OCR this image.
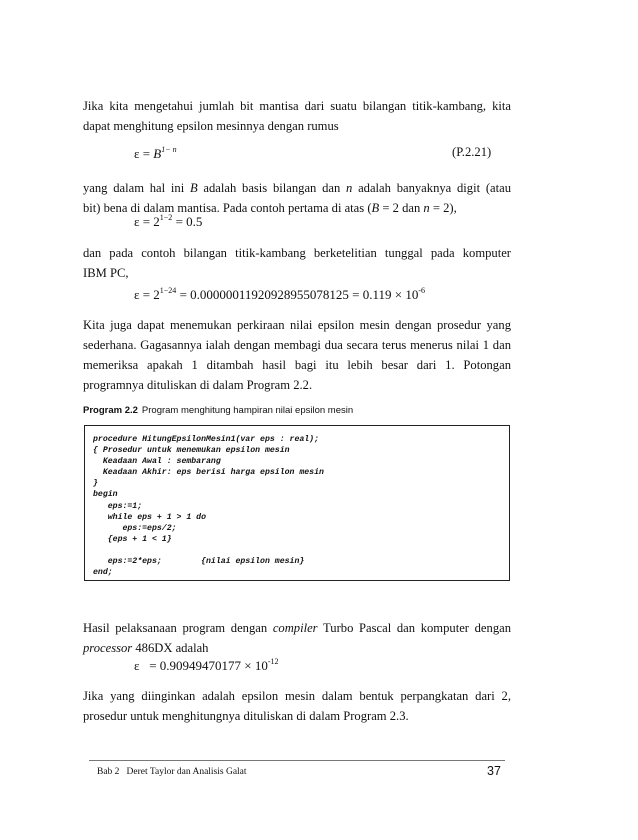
Jika kita mengetahui jumlah bit mantisa dari suatu bilangan titik-kambang, kita
dapat menghitung epsilon mesinnya dengan rumus
$\varepsilon = B^{1- n}$	(P.2.21)
yang dalam hal ini B adalah basis bilangan dan n adalah banyaknya digit (atau
bit) bena di dalam mantisa. Pada contoh pertama di atas (B = 2 dan n = 2),
$\varepsilon = 2^{1-2} = 0.5$
dan pada contoh bilangan titik-kambang berketelitian tunggal pada komputer
IBM PC,
$\varepsilon = 2^{1-24} = 0.00000011920928955078125 = 0.119 \times 10^{-6}$
Kita juga dapat menemukan perkiraan nilai epsilon mesin dengan prosedur yang
sederhana. Gagasannya ialah dengan membagi dua secara terus menerus nilai 1 dan
memeriksa apakah 1 ditambah hasil bagi itu lebih besar dari 1. Potongan
programnya dituliskan di dalam Program 2.2.
Program 2.2 Program menghitung hampiran nilai epsilon mesin
procedure HitungEpsilonMesin1(var eps : real);
{ Prosedur untuk menemukan epsilon mesin
Keadaan Awal : sembarang
Keadaan Akhir: eps berisi harga epsilon mesin
}
begin
eps:=1;
while eps + 1 > 1 do
eps:=eps/2;
{eps + 1 < 1}

eps:=2*eps;        {nilai epsilon mesin}
end;
Hasil pelaksanaan program dengan compiler Turbo Pascal dan komputer dengan
processor 486DX adalah
$\varepsilon = 0.90949470177 \times 10^{-12}$
Jika yang diinginkan adalah epsilon mesin dalam bentuk perpangkatan dari 2,
prosedur untuk menghitungnya dituliskan di dalam Program 2.3.
Bab 2   Deret Taylor dan Analisis Galat	37
